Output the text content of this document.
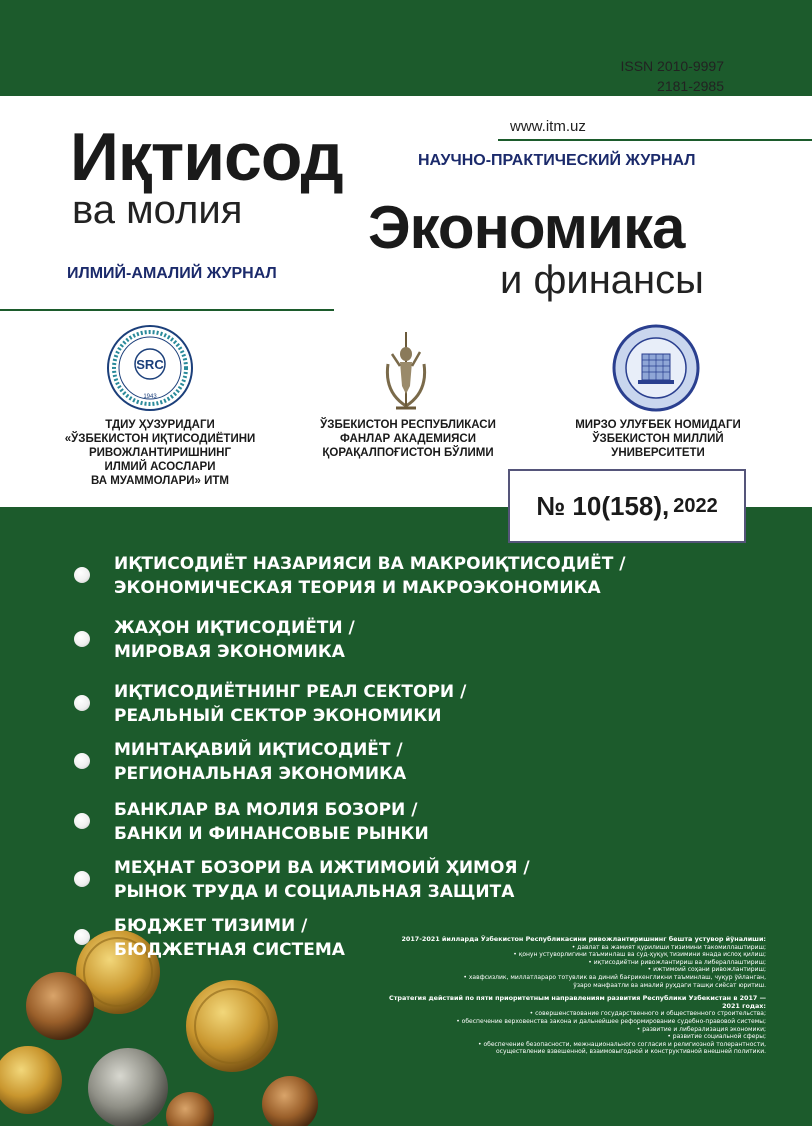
ISSN 2010-9997
2181-2985
www.itm.uz
Иқтисод
ва молия
ИЛМИЙ-АМАЛИЙ ЖУРНАЛ
НАУЧНО-ПРАКТИЧЕСКИЙ ЖУРНАЛ
Экономика
и финансы
SRC
1943
ТДИУ ҲУЗУРИДАГИ
«ЎЗБЕКИСТОН ИҚТИСОДИЁТИНИ
РИВОЖЛАНТИРИШНИНГ
ИЛМИЙ АСОСЛАРИ
ВА МУАММОЛАРИ» ИТМ
ЎЗБЕКИСТОН РЕСПУБЛИКАСИ
ФАНЛАР АКАДЕМИЯСИ
ҚОРАҚАЛПОҒИСТОН БЎЛИМИ
МИРЗО УЛУҒБЕК НОМИДАГИ
ЎЗБЕКИСТОН МИЛЛИЙ
УНИВЕРСИТЕТИ
№ 10(158), 2022
ИҚТИСОДИЁТ НАЗАРИЯСИ ВА МАКРОИҚТИСОДИЁТ /
ЭКОНОМИЧЕСКАЯ ТЕОРИЯ И МАКРОЭКОНОМИКА
ЖАҲОН ИҚТИСОДИЁТИ /
МИРОВАЯ ЭКОНОМИКА
ИҚТИСОДИЁТНИНГ РЕАЛ СЕКТОРИ /
РЕАЛЬНЫЙ СЕКТОР ЭКОНОМИКИ
МИНТАҚАВИЙ ИҚТИСОДИЁТ /
РЕГИОНАЛЬНАЯ ЭКОНОМИКА
БАНКЛАР ВА МОЛИЯ БОЗОРИ /
БАНКИ И ФИНАНСОВЫЕ РЫНКИ
МЕҲНАТ БОЗОРИ ВА ИЖТИМОИЙ ҲИМОЯ /
РЫНОК ТРУДА И СОЦИАЛЬНАЯ ЗАЩИТА
БЮДЖЕТ ТИЗИМИ /
БЮДЖЕТНАЯ СИСТЕМА
2017-2021 йилларда Ўзбекистон Республикасини ривожлантиришнинг бешта устувор йўналиши:
• давлат ва жамият қурилиши тизимини такомиллаштириш;
• қонун устуворлигини таъминлаш ва суд-ҳуқуқ тизимини янада ислоҳ қилиш;
• иқтисодиётни ривожлантириш ва либераллаштириш;
• ижтимоий соҳани ривожлантириш;
• хавфсизлик, миллатлараро тотувлик ва диний бағрикенгликни таъминлаш, чуқур ўйланган,
ўзаро манфаатли ва амалий руҳдаги ташқи сиёсат юритиш.
Стратегия действий по пяти приоритетным направлениям развития Республики Узбекистан в 2017 — 2021 годах:
• совершенствование государственного и общественного строительства;
• обеспечение верховенства закона и дальнейшее реформирование судебно-правовой системы;
• развитие и либерализация экономики;
• развитие социальной сферы;
• обеспечение безопасности, межнационального согласия и религиозной толерантности,
осуществление взвешенной, взаимовыгодной и конструктивной внешней политики.
